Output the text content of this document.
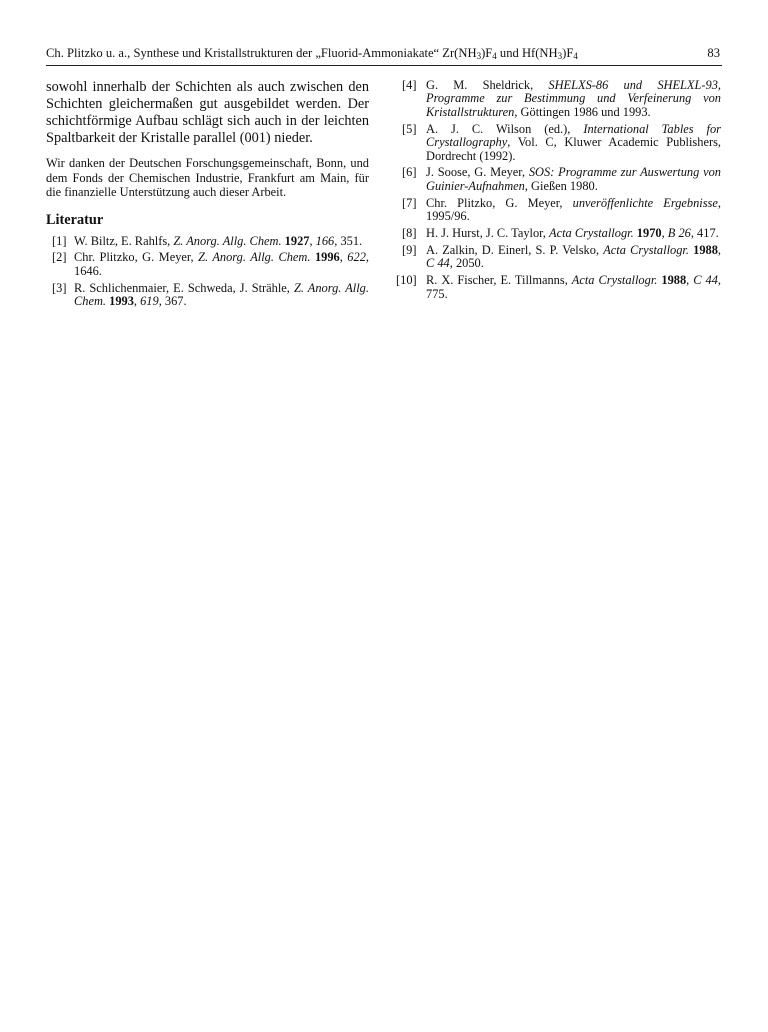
Ch. Plitzko u. a., Synthese und Kristallstrukturen der „Fluorid-Ammoniakate“ $Zr(NH_3)F_4$ und $Hf(NH_3)F_4$	83

sowohl innerhalb der Schichten als auch zwischen den Schichten gleichermaßen gut ausgebildet werden. Der schichtförmige Aufbau schlägt sich auch in der leichten Spaltbarkeit der Kristalle parallel (001) nieder.

Wir danken der Deutschen Forschungsgemeinschaft, Bonn, und dem Fonds der Chemischen Industrie, Frankfurt am Main, für die finanzielle Unterstützung auch dieser Arbeit.

Literatur
[1] W. Biltz, E. Rahlfs, Z. Anorg. Allg. Chem. 1927, 166, 351.
[2] Chr. Plitzko, G. Meyer, Z. Anorg. Allg. Chem. 1996, 622, 1646.
[3] R. Schlichenmaier, E. Schweda, J. Strähle, Z. Anorg. Allg. Chem. 1993, 619, 367.
[4] G. M. Sheldrick, SHELXS-86 und SHELXL-93, Programme zur Bestimmung und Verfeinerung von Kristallstrukturen, Göttingen 1986 und 1993.
[5] A. J. C. Wilson (ed.), International Tables for Crystallography, Vol. C, Kluwer Academic Publishers, Dordrecht (1992).
[6] J. Soose, G. Meyer, SOS: Programme zur Auswertung von Guinier-Aufnahmen, Gießen 1980.
[7] Chr. Plitzko, G. Meyer, unveröffenlichte Ergebnisse, 1995/96.
[8] H. J. Hurst, J. C. Taylor, Acta Crystallogr. 1970, B 26, 417.
[9] A. Zalkin, D. Einerl, S. P. Velsko, Acta Crystallogr. 1988, C 44, 2050.
[10] R. X. Fischer, E. Tillmanns, Acta Crystallogr. 1988, C 44, 775.
